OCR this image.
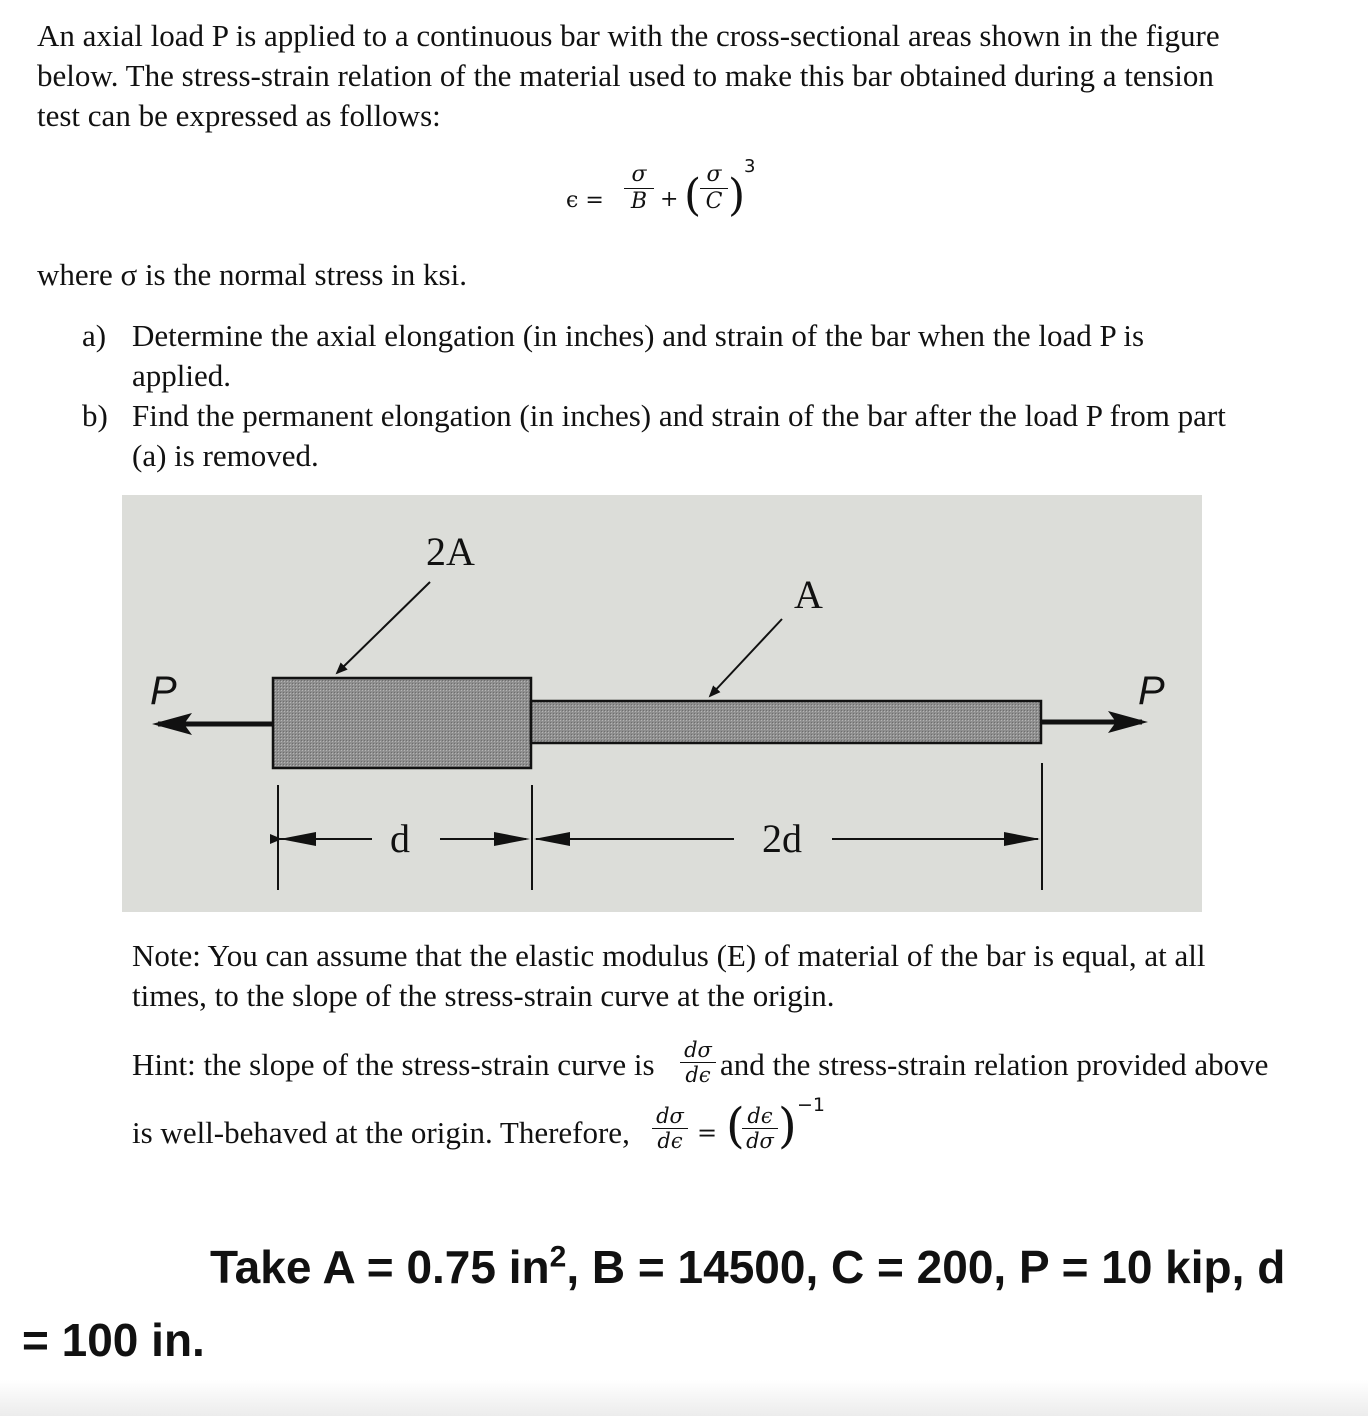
An axial load P is applied to a continuous bar with the cross-sectional areas shown in the figure
below. The stress-strain relation of the material used to make this bar obtained during a tension
test can be expressed as follows:
ϵ =
σ
B + ( σ
C )
3
where σ is the normal stress in ksi.
a) Determine the axial elongation (in inches) and strain of the bar when the load P is
applied.
b) Find the permanent elongation (in inches) and strain of the bar after the load P from part
(a) is removed.
2A
A
P	P
d	2d
Note: You can assume that the elastic modulus (E) of material of the bar is equal, at all
times, to the slope of the stress-strain curve at the origin.
Hint: the slope of the stress-strain curve is dσ
dϵ and the stress-strain relation provided above
is well-behaved at the origin. Therefore, dσ
dϵ = ( dϵ
dσ ) −1
Take A = 0.75 $in^2$, B = 14500, C = 200, P = 10 kip, d
= 100 in.
